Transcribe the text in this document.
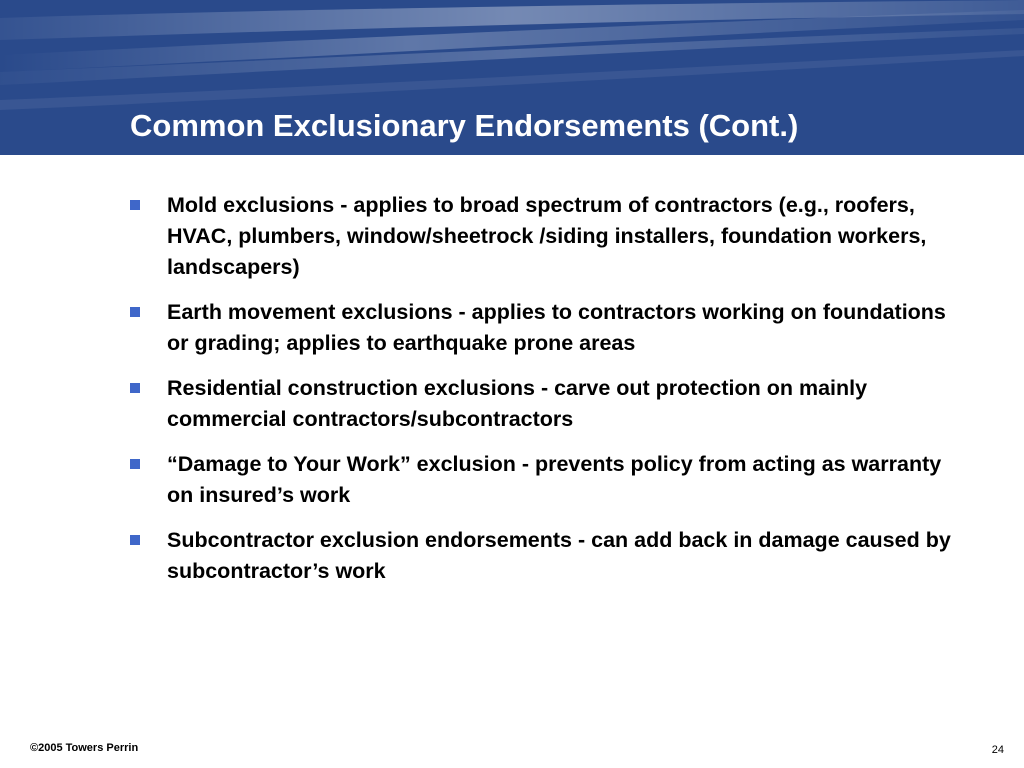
Common Exclusionary Endorsements (Cont.)
Mold exclusions - applies to broad spectrum of contractors (e.g., roofers, HVAC, plumbers, window/sheetrock /siding installers, foundation workers, landscapers)
Earth movement exclusions - applies to contractors working on foundations or grading; applies to earthquake prone areas
Residential construction exclusions - carve out protection on mainly commercial contractors/subcontractors
“Damage to Your Work” exclusion - prevents policy from acting as warranty on insured’s work
Subcontractor exclusion endorsements - can add back in damage caused by subcontractor’s work
©2005 Towers Perrin	24
